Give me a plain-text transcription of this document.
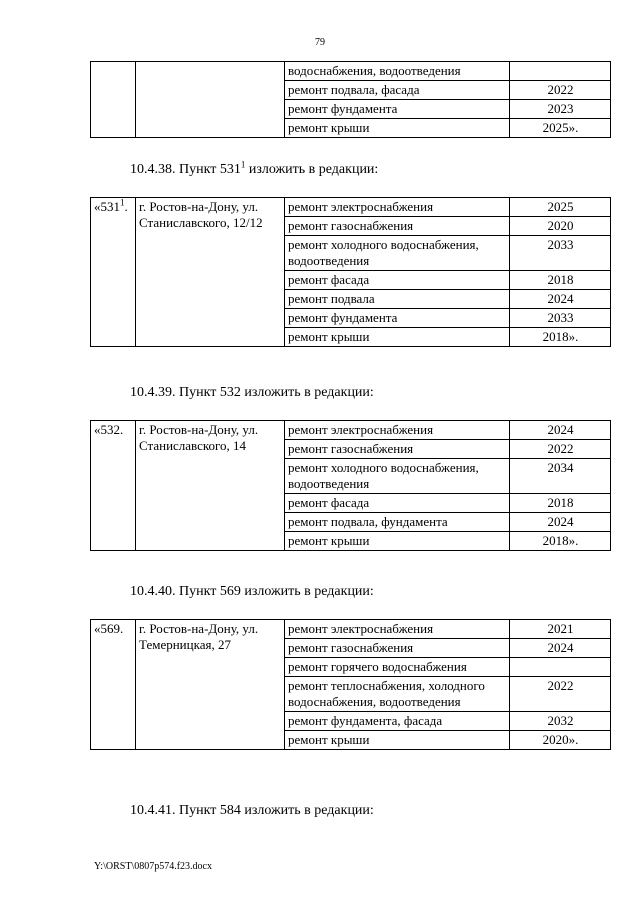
79
		водоснабжения, водоотведения	
		ремонт подвала, фасада	2022
		ремонт фундамента	2023
		ремонт крыши	2025».
10.4.38. Пункт $531^1$ изложить в редакции:
«$531^1$.	г. Ростов-на-Дону, ул. Станиславского, 12/12	ремонт электроснабжения	2025
		ремонт газоснабжения	2020
		ремонт холодного водоснабжения, водоотведения	2033
		ремонт фасада	2018
		ремонт подвала	2024
		ремонт фундамента	2033
		ремонт крыши	2018».
10.4.39. Пункт 532 изложить в редакции:
«532.	г. Ростов-на-Дону, ул. Станиславского, 14	ремонт электроснабжения	2024
		ремонт газоснабжения	2022
		ремонт холодного водоснабжения, водоотведения	2034
		ремонт фасада	2018
		ремонт подвала, фундамента	2024
		ремонт крыши	2018».
10.4.40. Пункт 569 изложить в редакции:
«569.	г. Ростов-на-Дону, ул. Темерницкая, 27	ремонт электроснабжения	2021
		ремонт газоснабжения	2024
		ремонт горячего водоснабжения	
		ремонт теплоснабжения, холодного водоснабжения, водоотведения	2022
		ремонт фундамента, фасада	2032
		ремонт крыши	2020».
10.4.41. Пункт 584 изложить в редакции:
Y:\ORST\0807p574.f23.docx
